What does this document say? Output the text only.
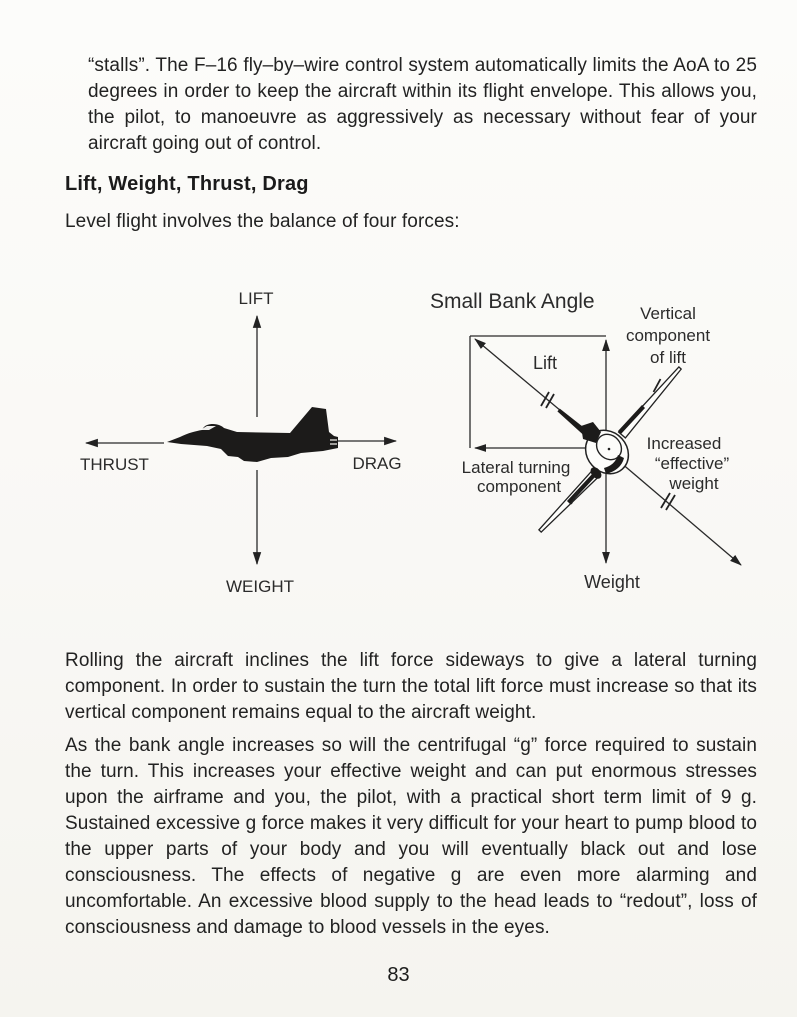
“stalls”. The F–16 fly–by–wire control system automatically limits the AoA to 25 degrees in order to keep the aircraft within its flight envelope. This allows you, the pilot, to manoeuvre as aggressively as necessary without fear of your aircraft going out of control.

Lift, Weight, Thrust, Drag

Level flight involves the balance of four forces:

LIFT
THRUST	DRAG
WEIGHT
Small Bank Angle
Lift
Vertical
component
of lift
Lateral turning
component
Increased
“effective”
weight
Weight

Rolling the aircraft inclines the lift force sideways to give a lateral turning component. In order to sustain the turn the total lift force must increase so that its vertical component remains equal to the aircraft weight.

As the bank angle increases so will the centrifugal “g” force required to sustain the turn. This increases your effective weight and can put enormous stresses upon the airframe and you, the pilot, with a practical short term limit of 9 g. Sustained excessive g force makes it very difficult for your heart to pump blood to the upper parts of your body and you will eventually black out and lose consciousness. The effects of negative g are even more alarming and uncomfortable. An excessive blood supply to the head leads to “redout”, loss of consciousness and damage to blood vessels in the eyes.

83
